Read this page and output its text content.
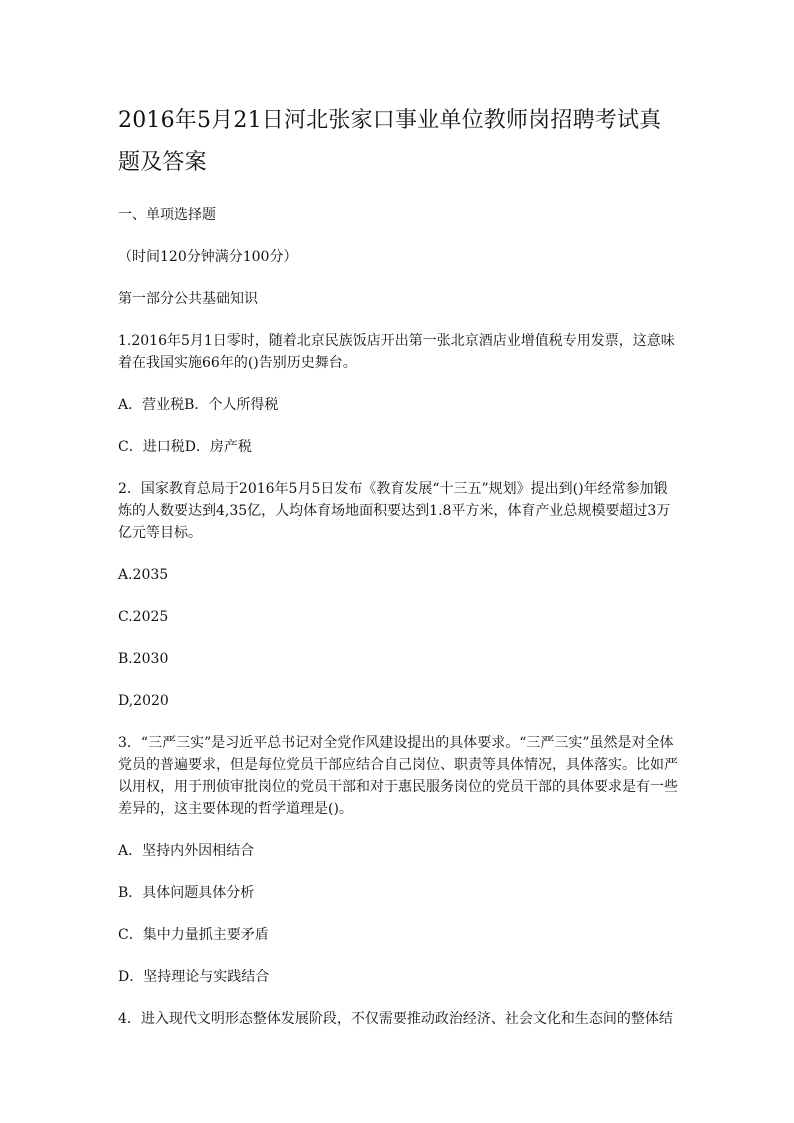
2016年5月21日河北张家口事业单位教师岗招聘考试真题及答案

一、单项选择题

（时间120分钟满分100分）

第一部分公共基础知识

1.2016年5月1日零时，随着北京民族饭店开出第一张北京酒店业增值税专用发票，这意味着在我国实施66年的()告别历史舞台。

A．营业税B．个人所得税

C．进口税D．房产税

2．国家教育总局于2016年5月5日发布《教育发展“十三五”规划》提出到()年经常参加锻炼的人数要达到4,35亿，人均体育场地面积要达到1.8平方米，体育产业总规模要超过3万亿元等目标。

A.2035

C.2025

B.2030

D,2020

3．“三严三实”是习近平总书记对全党作风建设提出的具体要求。“三严三实”虽然是对全体党员的普遍要求，但是每位党员干部应结合自己岗位、职责等具体情况，具体落实。比如严以用权，用于刑侦审批岗位的党员干部和对于惠民服务岗位的党员干部的具体要求是有一些差异的，这主要体现的哲学道理是()。

A．坚持内外因相结合

B．具体问题具体分析

C．集中力量抓主要矛盾

D．坚持理论与实践结合

4．进入现代文明形态整体发展阶段，不仅需要推动政治经济、社会文化和生态间的整体结
